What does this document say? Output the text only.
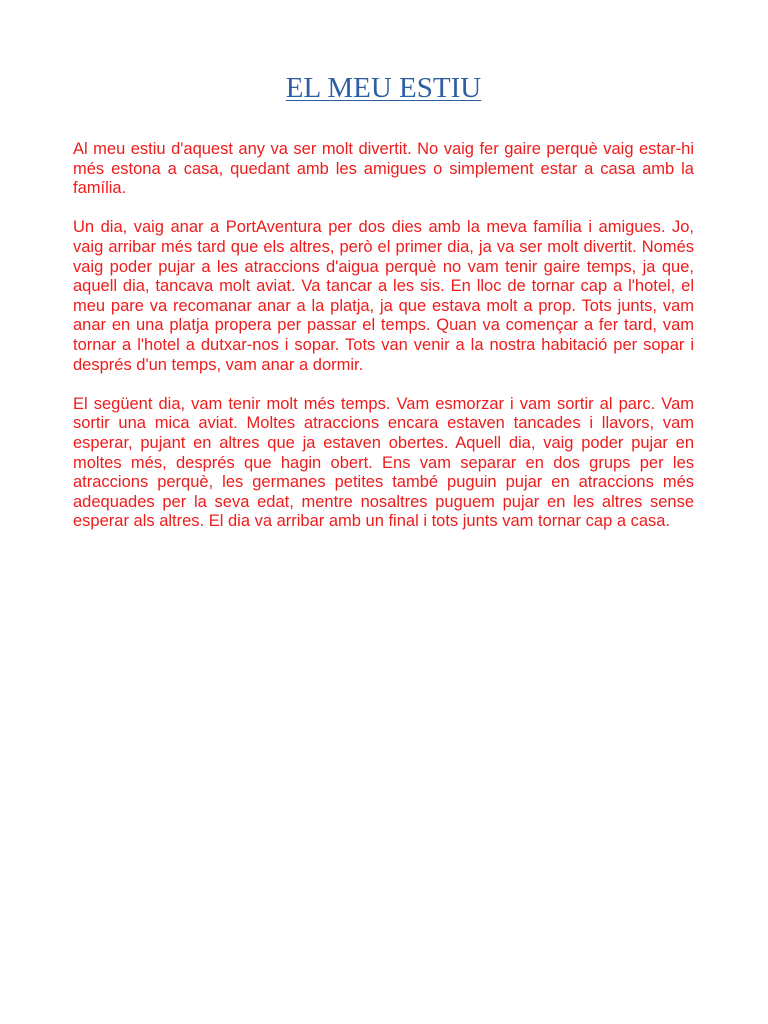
EL MEU ESTIU

Al meu estiu d'aquest any va ser molt divertit. No vaig fer gaire perquè vaig estar-hi més estona a casa, quedant amb les amigues o simplement estar a casa amb la família.

Un dia, vaig anar a PortAventura per dos dies amb la meva família i amigues. Jo, vaig arribar més tard que els altres, però el primer dia, ja va ser molt divertit. Només vaig poder pujar a les atraccions d'aigua perquè no vam tenir gaire temps, ja que, aquell dia, tancava molt aviat. Va tancar a les sis. En lloc de tornar cap a l'hotel, el meu pare va recomanar anar a la platja, ja que estava molt a prop. Tots junts, vam anar en una platja propera per passar el temps. Quan va començar a fer tard, vam tornar a l'hotel a dutxar-nos i sopar. Tots van venir a la nostra habitació per sopar i després d'un temps, vam anar a dormir.

El següent dia, vam tenir molt més temps. Vam esmorzar i vam sortir al parc. Vam sortir una mica aviat. Moltes atraccions encara estaven tancades i llavors, vam esperar, pujant en altres que ja estaven obertes. Aquell dia, vaig poder pujar en moltes més, després que hagin obert. Ens vam separar en dos grups per les atraccions perquè, les germanes petites també puguin pujar en atraccions més adequades per la seva edat, mentre nosaltres puguem pujar en les altres sense esperar als altres. El dia va arribar amb un final i tots junts vam tornar cap a casa.
